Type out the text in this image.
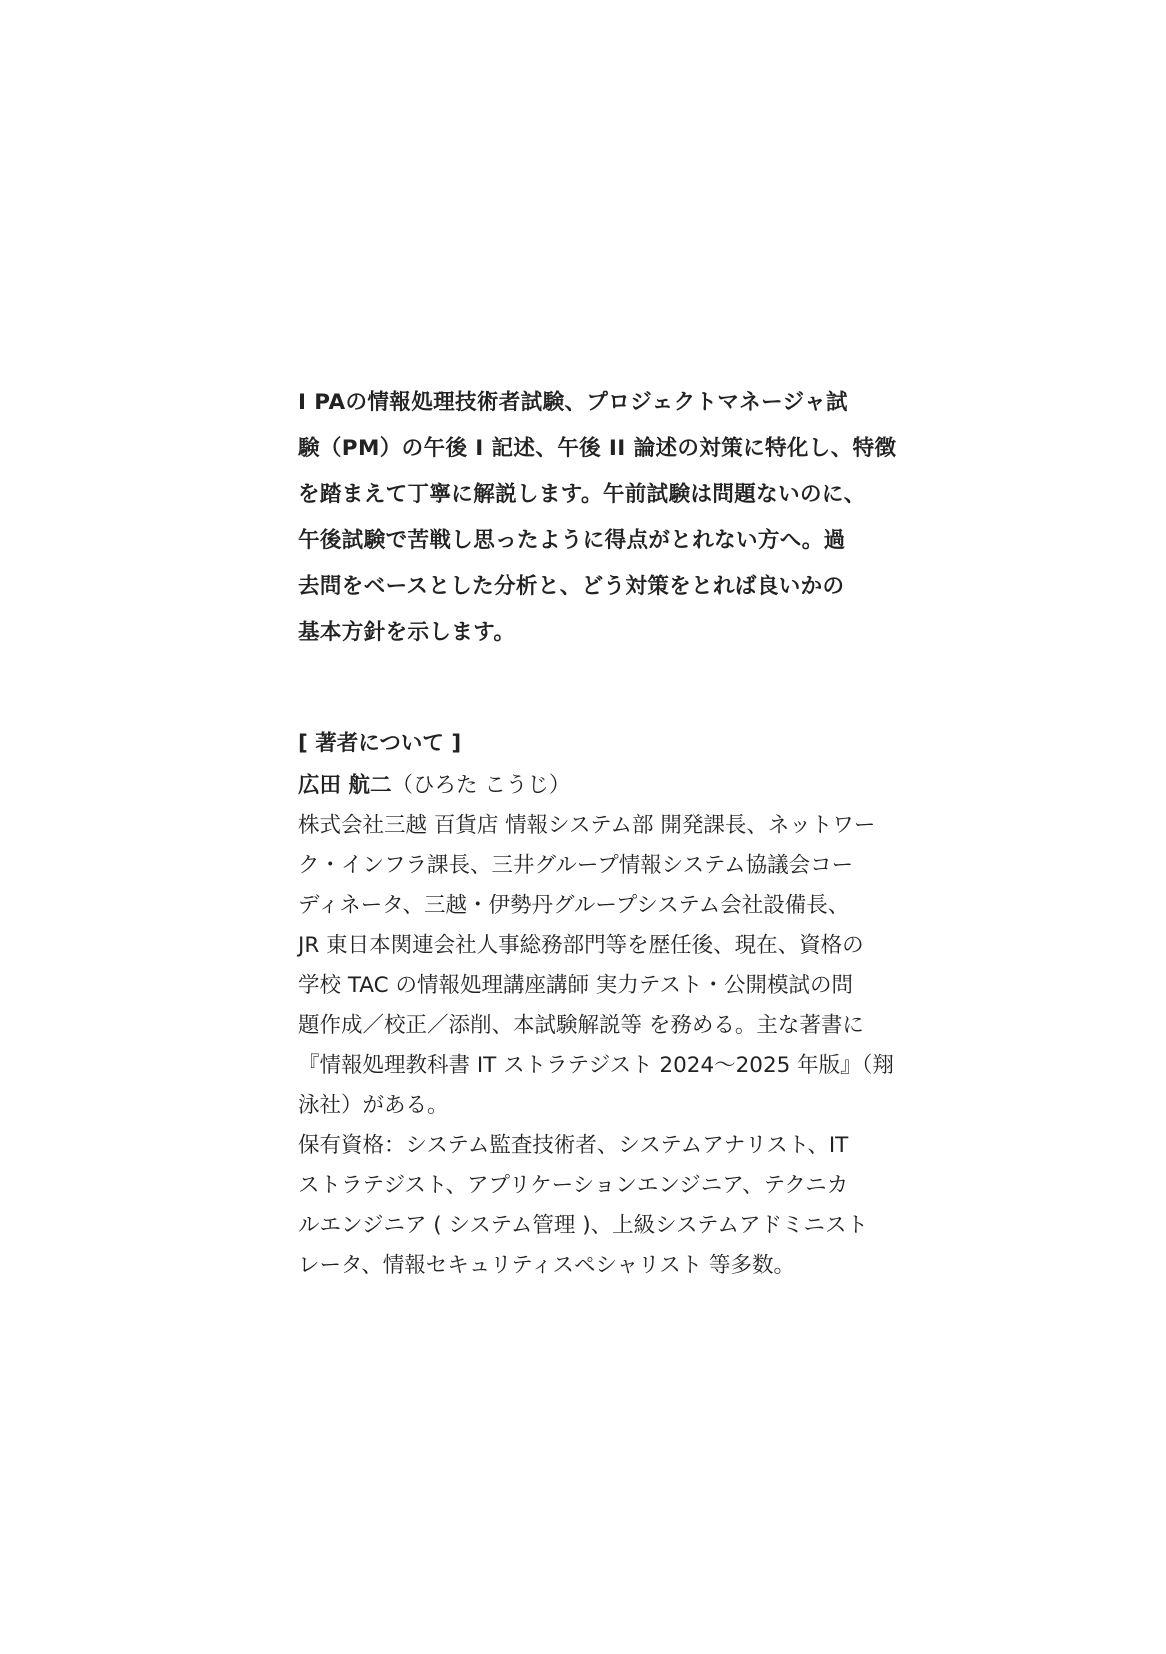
I PAの情報処理技術者試験、プロジェクトマネージャ試
験（PM）の午後 I 記述、午後 II 論述の対策に特化し、特徴
を踏まえて丁寧に解説します。午前試験は問題ないのに、
午後試験で苦戦し思ったように得点がとれない方へ。過
去問をベースとした分析と、どう対策をとれば良いかの
基本方針を示します。
[ 著者について ]
広田 航二（ひろた こうじ）
株式会社三越 百貨店 情報システム部 開発課長、ネットワー
ク・インフラ課長、三井グループ情報システム協議会コー
ディネータ、三越・伊勢丹グループシステム会社設備長、
JR 東日本関連会社人事総務部門等を歴任後、現在、資格の
学校 TAC の情報処理講座講師 実力テスト・公開模試の問
題作成／校正／添削、本試験解説等 を務める。主な著書に
『情報処理教科書 IT ストラテジスト 2024〜2025 年版』（翔
泳社）がある。
保有資格：システム監査技術者、システムアナリスト、IT
ストラテジスト、アプリケーションエンジニア、テクニカ
ルエンジニア ( システム管理 )、上級システムアドミニスト
レータ、情報セキュリティスペシャリスト 等多数。
